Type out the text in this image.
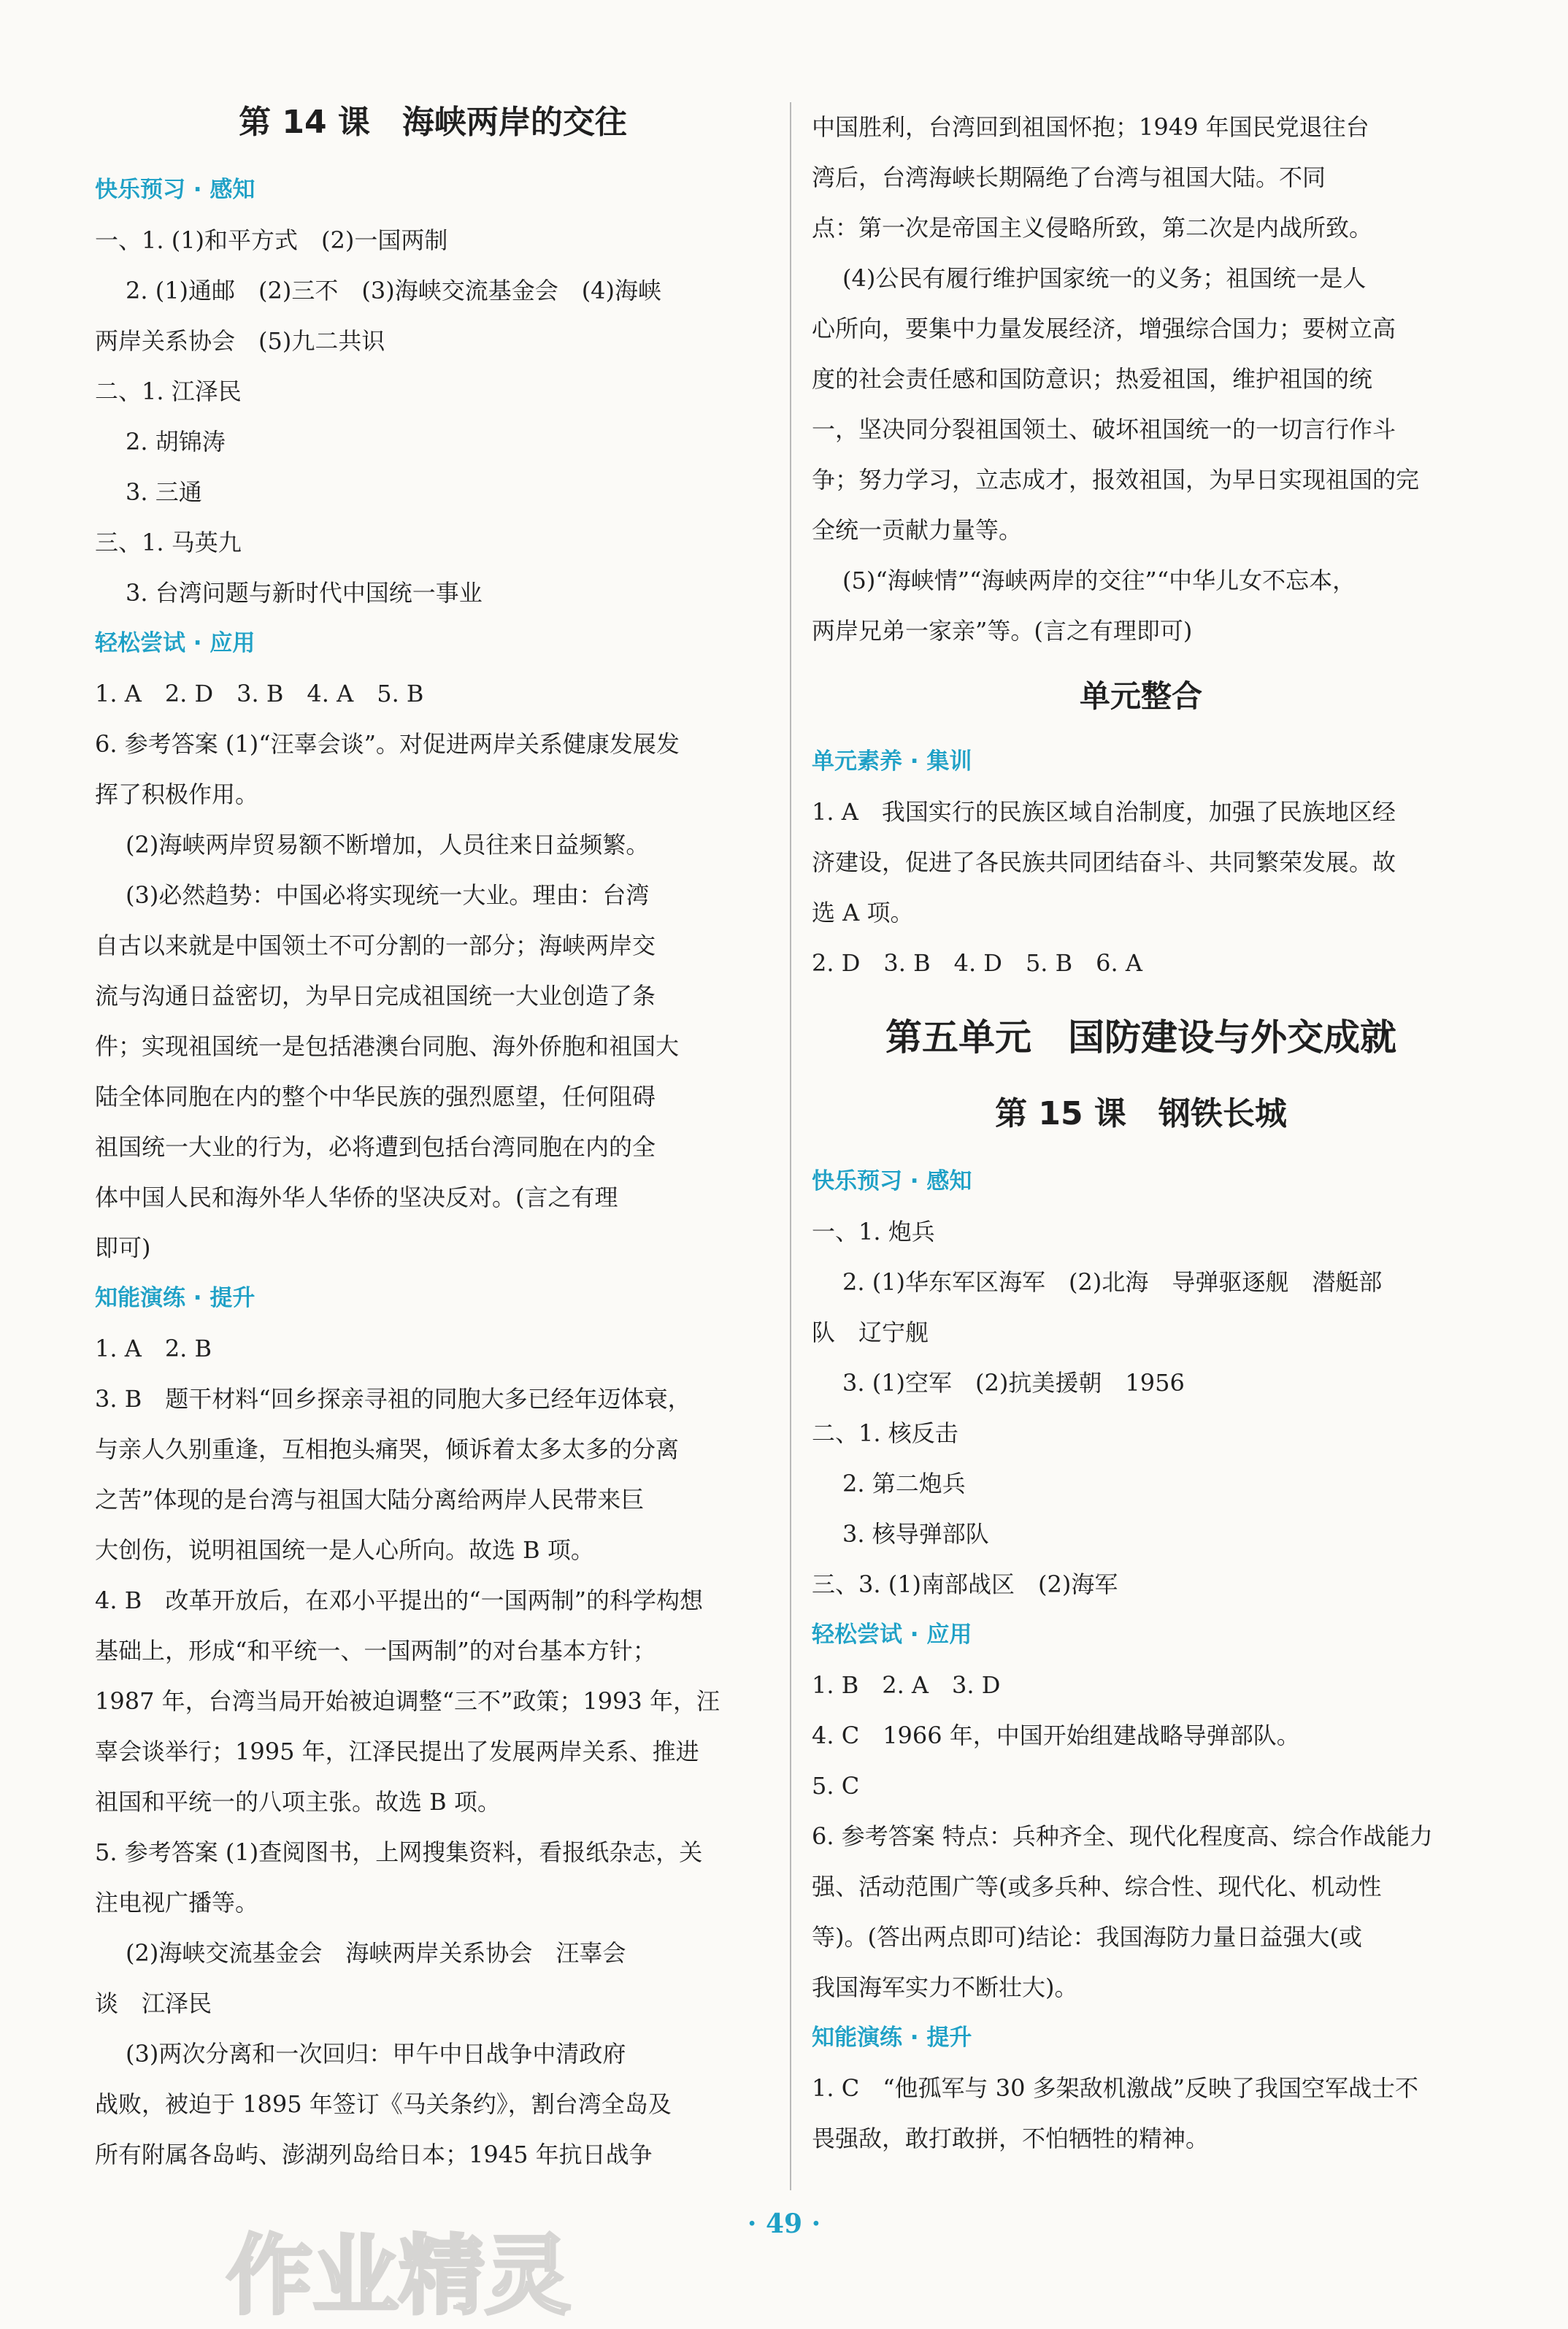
第 14 课　海峡两岸的交往
快乐预习 · 感知

一、1. (1)和平方式　(2)一国两制

2. (1)通邮　(2)三不　(3)海峡交流基金会　(4)海峡

两岸关系协会　(5)九二共识

二、1. 江泽民

2. 胡锦涛

3. 三通

三、1. 马英九

3. 台湾问题与新时代中国统一事业

轻松尝试 · 应用

1. A　2. D　3. B　4. A　5. B

6. 参考答案 (1)“汪辜会谈”。对促进两岸关系健康发展发

挥了积极作用。

(2)海峡两岸贸易额不断增加，人员往来日益频繁。

(3)必然趋势：中国必将实现统一大业。理由：台湾

自古以来就是中国领土不可分割的一部分；海峡两岸交

流与沟通日益密切，为早日完成祖国统一大业创造了条

件；实现祖国统一是包括港澳台同胞、海外侨胞和祖国大

陆全体同胞在内的整个中华民族的强烈愿望，任何阻碍

祖国统一大业的行为，必将遭到包括台湾同胞在内的全

体中国人民和海外华人华侨的坚决反对。(言之有理

即可)

知能演练 · 提升

1. A　2. B

3. B　题干材料“回乡探亲寻祖的同胞大多已经年迈体衰，

与亲人久别重逢，互相抱头痛哭，倾诉着太多太多的分离

之苦”体现的是台湾与祖国大陆分离给两岸人民带来巨

大创伤，说明祖国统一是人心所向。故选 B 项。

4. B　改革开放后，在邓小平提出的“一国两制”的科学构想

基础上，形成“和平统一、一国两制”的对台基本方针；

1987 年，台湾当局开始被迫调整“三不”政策；1993 年，汪

辜会谈举行；1995 年，江泽民提出了发展两岸关系、推进

祖国和平统一的八项主张。故选 B 项。

5. 参考答案 (1)查阅图书，上网搜集资料，看报纸杂志，关

注电视广播等。

(2)海峡交流基金会　海峡两岸关系协会　汪辜会

谈　江泽民

(3)两次分离和一次回归：甲午中日战争中清政府

战败，被迫于 1895 年签订《马关条约》，割台湾全岛及

所有附属各岛屿、澎湖列岛给日本；1945 年抗日战争

中国胜利，台湾回到祖国怀抱；1949 年国民党退往台

湾后，台湾海峡长期隔绝了台湾与祖国大陆。不同

点：第一次是帝国主义侵略所致，第二次是内战所致。

(4)公民有履行维护国家统一的义务；祖国统一是人

心所向，要集中力量发展经济，增强综合国力；要树立高

度的社会责任感和国防意识；热爱祖国，维护祖国的统

一，坚决同分裂祖国领土、破坏祖国统一的一切言行作斗

争；努力学习，立志成才，报效祖国，为早日实现祖国的完

全统一贡献力量等。

(5)“海峡情”“海峡两岸的交往”“中华儿女不忘本，

两岸兄弟一家亲”等。(言之有理即可)

单元整合
单元素养 · 集训

1. A　我国实行的民族区域自治制度，加强了民族地区经

济建设，促进了各民族共同团结奋斗、共同繁荣发展。故

选 A 项。

2. D　3. B　4. D　5. B　6. A

第五单元　国防建设与外交成就
第 15 课　钢铁长城
快乐预习 · 感知

一、1. 炮兵

2. (1)华东军区海军　(2)北海　导弹驱逐舰　潜艇部

队　辽宁舰

3. (1)空军　(2)抗美援朝　1956

二、1. 核反击

2. 第二炮兵

3. 核导弹部队

三、3. (1)南部战区　(2)海军

轻松尝试 · 应用

1. B　2. A　3. D

4. C　1966 年，中国开始组建战略导弹部队。

5. C

6. 参考答案 特点：兵种齐全、现代化程度高、综合作战能力

强、活动范围广等(或多兵种、综合性、现代化、机动性

等)。(答出两点即可)结论：我国海防力量日益强大(或

我国海军实力不断壮大)。

知能演练 · 提升

1. C　“他孤军与 30 多架敌机激战”反映了我国空军战士不

畏强敌，敢打敢拼，不怕牺牲的精神。

· 49 ·
作业精灵
